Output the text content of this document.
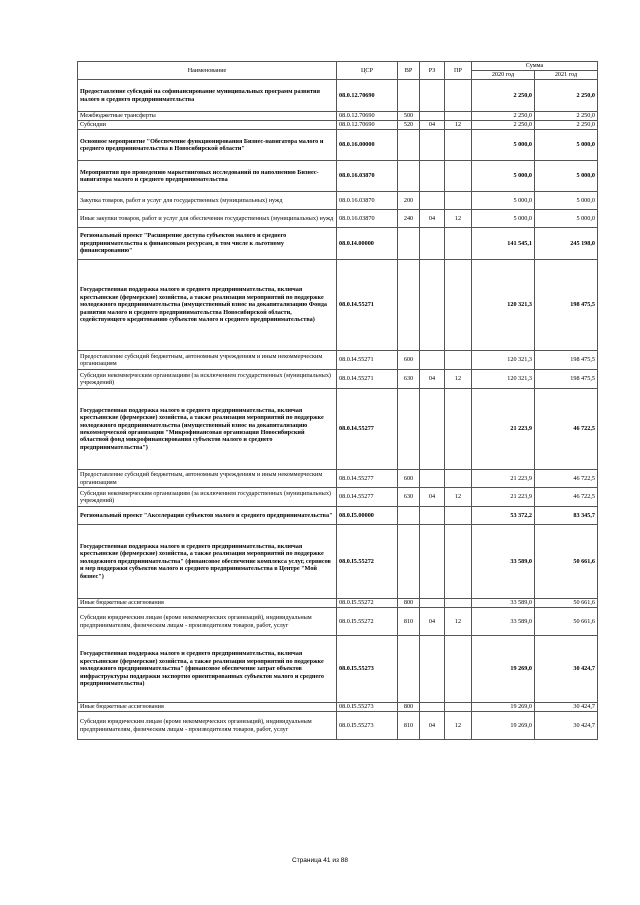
Наименование	ЦСР	ВР	РЗ	ПР	Сумма	
					2020 год	2021 год
Предоставление субсидий на софинансирование муниципальных программ развития малого и среднего предпринимательства	08.0.12.70690				2 250,0	2 250,0
Межбюджетные трансферты	08.0.12.70690	500			2 250,0	2 250,0
Субсидии	08.0.12.70690	520	04	12	2 250,0	2 250,0
Основное мероприятие "Обеспечение функционирования Бизнес-навигатора малого и среднего предпринимательства в Новосибирской области"	08.0.16.00000				5 000,0	5 000,0
Мероприятия про проведению маркетинговых исследований по наполнению Бизнес-навигатора малого и среднего предпринимательства	08.0.16.03870				5 000,0	5 000,0
Закупка товаров, работ и услуг для государственных (муниципальных) нужд	08.0.16.03870	200			5 000,0	5 000,0
Иные закупки товаров, работ и услуг для обеспечения государственных (муниципальных) нужд	08.0.16.03870	240	04	12	5 000,0	5 000,0
Региональный проект "Расширение доступа субъектов малого и среднего предпринимательства к финансовым ресурсам, в том числе к льготному финансированию"	08.0.I4.00000				141 545,1	245 198,0
Государственная поддержка малого и среднего предпринимательства, включая крестьянские (фермерские) хозяйства, а также реализация мероприятий по поддержке молодежного предпринимательства (имущественный взнос на докапитализацию Фонда развития малого и среднего предпринимательства Новосибирской области, содействующего кредитованию субъектов малого и среднего предпринимательства)	08.0.I4.55271				120 321,3	198 475,5
Предоставление субсидий бюджетным, автономным учреждениям и иным некоммерческим организациям	08.0.I4.55271	600			120 321,3	198 475,5
Субсидии некоммерческим организациям (за исключением государственных (муниципальных) учреждений)	08.0.I4.55271	630	04	12	120 321,3	198 475,5
Государственная поддержка малого и среднего предпринимательства, включая крестьянские (фермерские) хозяйства, а также реализация мероприятий по поддержке молодежного предпринимательства (имущественный взнос на докапитализацию некоммерческой организации "Микрофинансовая организация Новосибирский областной фонд микрофинансирования субъектов малого и среднего предпринимательства")	08.0.I4.55277				21 223,9	46 722,5
Предоставление субсидий бюджетным, автономным учреждениям и иным некоммерческим организациям	08.0.I4.55277	600			21 223,9	46 722,5
Субсидии некоммерческим организациям (за исключением государственных (муниципальных) учреждений)	08.0.I4.55277	630	04	12	21 223,9	46 722,5
Региональный проект "Акселерация субъектов малого и среднего предпринимательства"	08.0.I5.00000				53 372,2	83 345,7
Государственная поддержка малого и среднего предпринимательства, включая крестьянские (фермерские) хозяйства, а также реализация мероприятий по поддержке молодежного предпринимательства" (финансовое обеспечение комплекса услуг, сервисов и мер поддержки субъектов малого и среднего предпринимательства в Центре "Мой бизнес")	08.0.I5.55272				33 589,0	50 661,6
Иные бюджетные ассигнования	08.0.I5.55272	800			33 589,0	50 661,6
Субсидии юридическим лицам (кроме некоммерческих организаций), индивидуальным предпринимателям, физическим лицам - производителям товаров, работ, услуг	08.0.I5.55272	810	04	12	33 589,0	50 661,6
Государственная поддержка малого и среднего предпринимательства, включая крестьянские (фермерские) хозяйства, а также реализация мероприятий по поддержке молодежного предпринимательства" (финансовое обеспечение затрат объектов инфраструктуры поддержки экспортно ориентированных субъектов малого и среднего предпринимательства)	08.0.I5.55273				19 269,0	30 424,7
Иные бюджетные ассигнования	08.0.I5.55273	800			19 269,0	30 424,7
Субсидии юридическим лицам (кроме некоммерческих организаций), индивидуальным предпринимателям, физическим лицам - производителям товаров, работ, услуг	08.0.I5.55273	810	04	12	19 269,0	30 424,7
Страница 41 из 88
